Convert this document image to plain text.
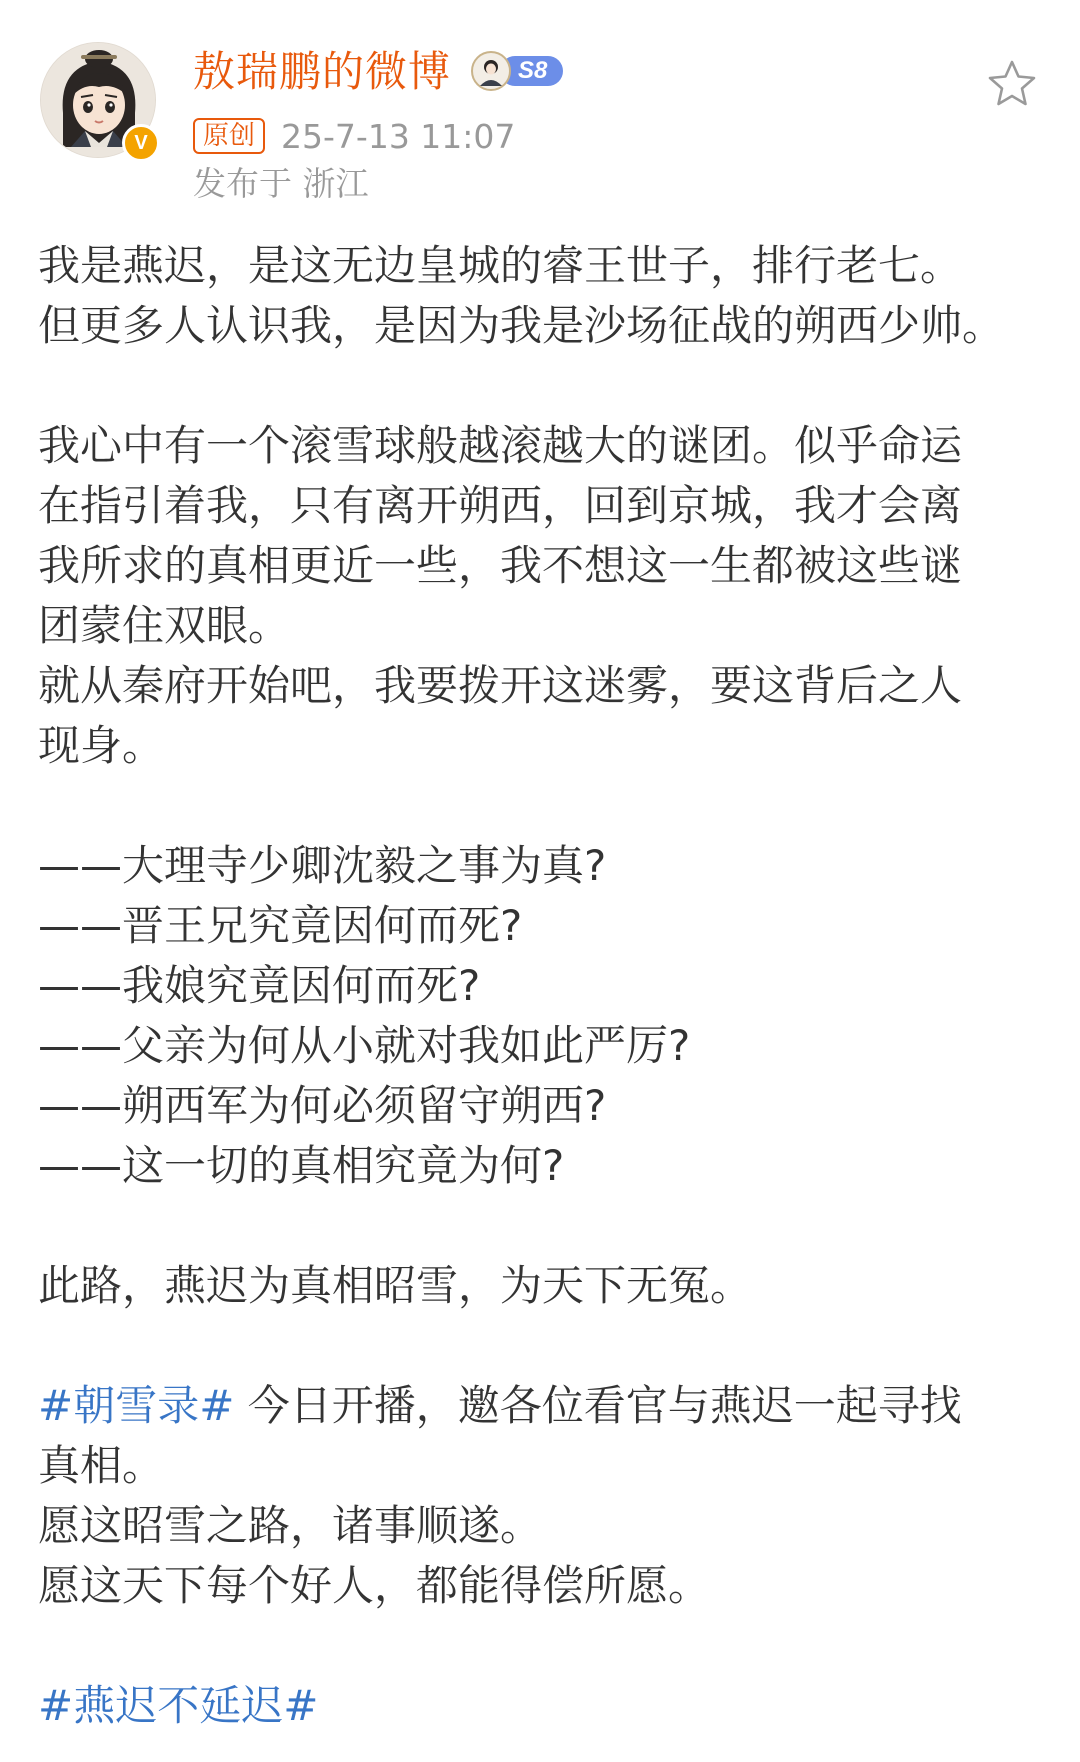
V
敖瑞鹏的微博	S8
原创 25-7-13 11:07
发布于 浙江
我是燕迟，是这无边皇城的睿王世子，排行老七。
但更多人认识我，是因为我是沙场征战的朔西少帅。
我心中有一个滚雪球般越滚越大的谜团。似乎命运
在指引着我，只有离开朔西，回到京城，我才会离
我所求的真相更近一些，我不想这一生都被这些谜
团蒙住双眼。
就从秦府开始吧，我要拨开这迷雾，要这背后之人
现身。
——大理寺少卿沈毅之事为真?
——晋王兄究竟因何而死?
——我娘究竟因何而死?
——父亲为何从小就对我如此严厉?
——朔西军为何必须留守朔西?
——这一切的真相究竟为何?
此路，燕迟为真相昭雪，为天下无冤。
#朝雪录# 今日开播，邀各位看官与燕迟一起寻找
真相。
愿这昭雪之路，诸事顺遂。
愿这天下每个好人，都能得偿所愿。
#燕迟不延迟#
